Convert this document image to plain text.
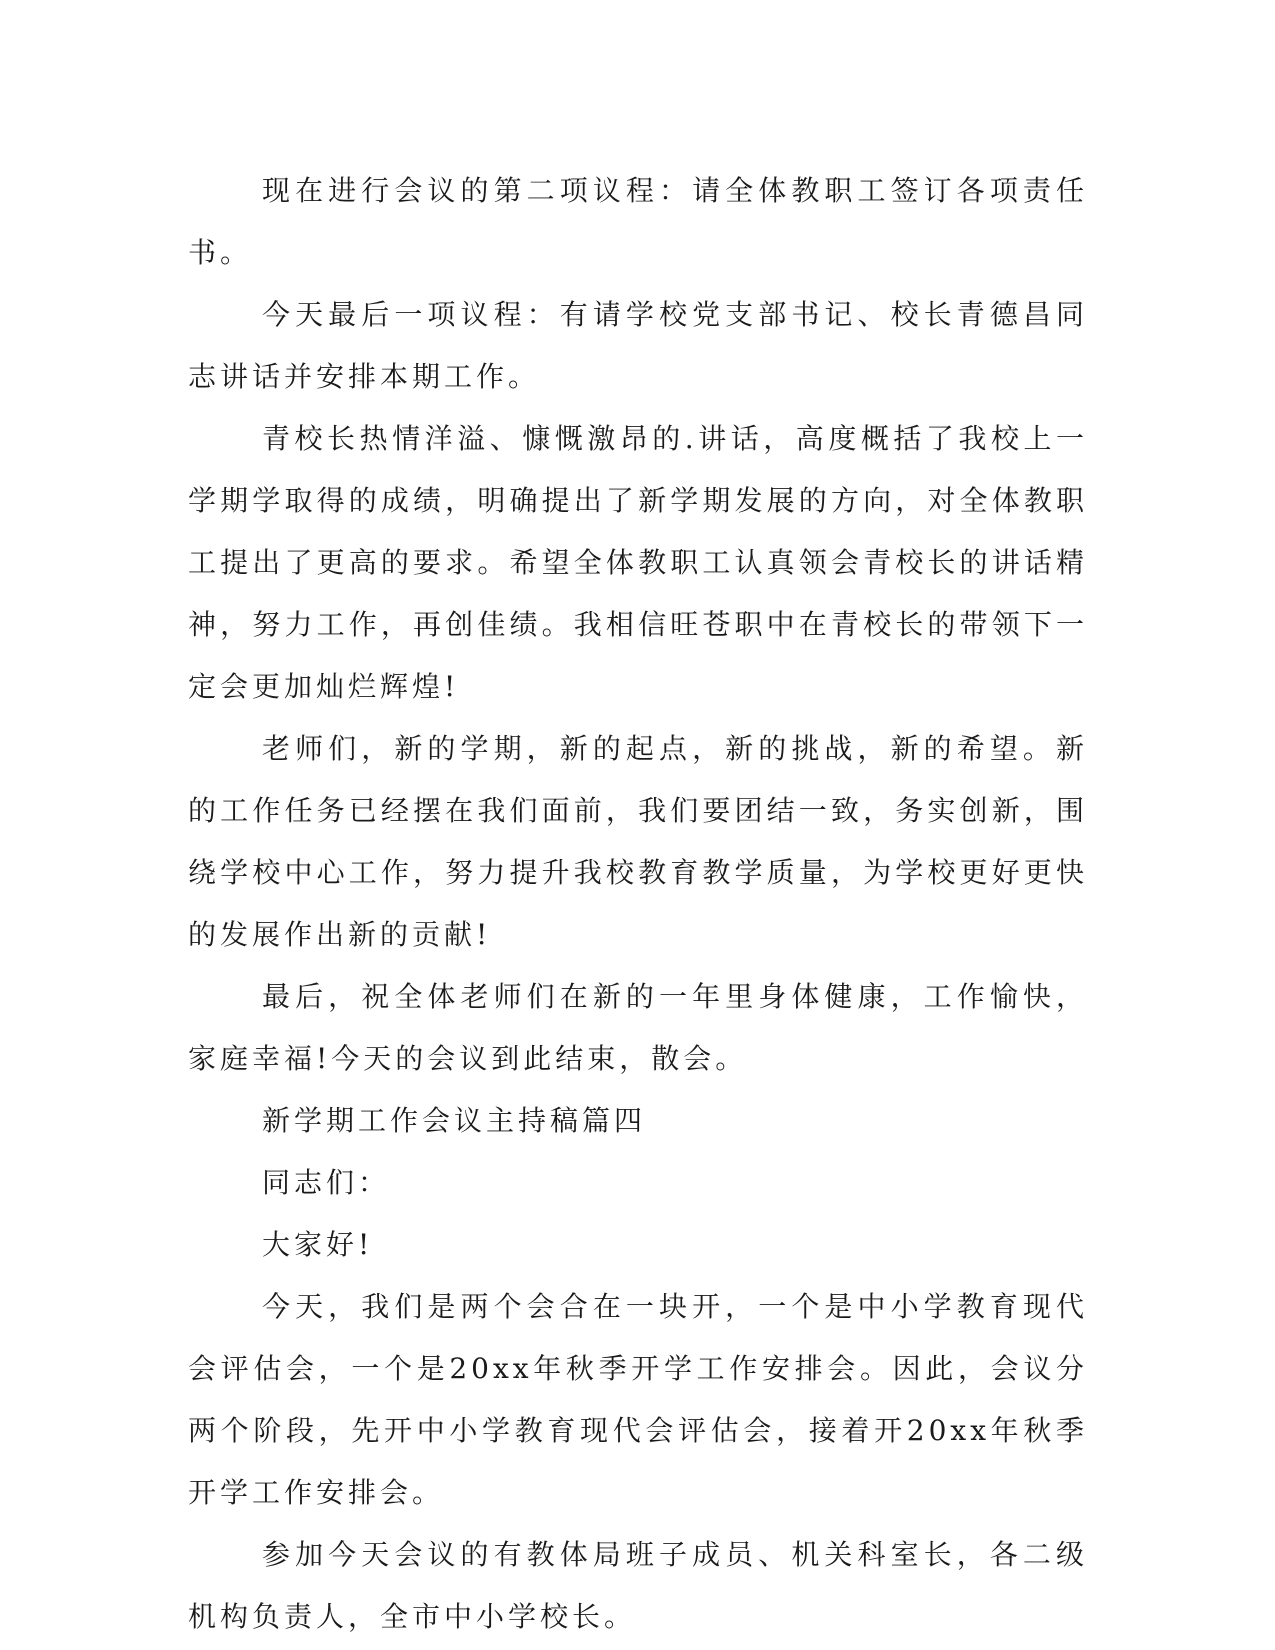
现在进行会议的第二项议程：请全体教职工签订各项责任书。

今天最后一项议程：有请学校党支部书记、校长青德昌同志讲话并安排本期工作。

青校长热情洋溢、慷慨激昂的.讲话，高度概括了我校上一学期学取得的成绩，明确提出了新学期发展的方向，对全体教职工提出了更高的要求。希望全体教职工认真领会青校长的讲话精神，努力工作，再创佳绩。我相信旺苍职中在青校长的带领下一定会更加灿烂辉煌!

老师们，新的学期，新的起点，新的挑战，新的希望。新的工作任务已经摆在我们面前，我们要团结一致，务实创新，围绕学校中心工作，努力提升我校教育教学质量，为学校更好更快的发展作出新的贡献!

最后，祝全体老师们在新的一年里身体健康，工作愉快，家庭幸福!今天的会议到此结束，散会。

新学期工作会议主持稿篇四

同志们：

大家好!

今天，我们是两个会合在一块开，一个是中小学教育现代会评估会，一个是20xx年秋季开学工作安排会。因此，会议分两个阶段，先开中小学教育现代会评估会，接着开20xx年秋季开学工作安排会。

参加今天会议的有教体局班子成员、机关科室长，各二级机构负责人，全市中小学校长。
